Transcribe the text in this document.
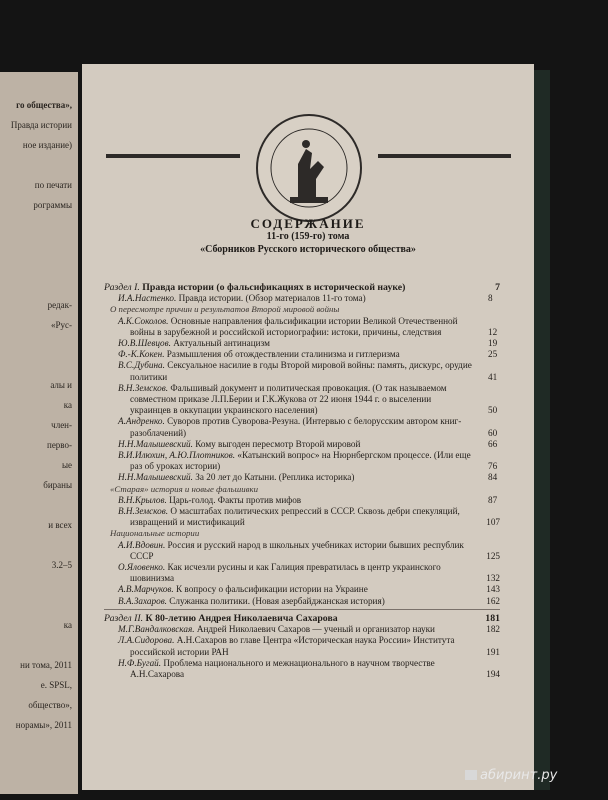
го общества»,
Правда истории
ное издание)
по печати
рограммы
редак-
«Рус-
алы и
ка
член-
перво-
ые
бираны
и всех
3.2–5
ка
ни тома, 2011
е. SPSL,
общество»,
норамы», 2011
СОДЕРЖАНИЕ
11-го (159-го) тома
«Сборников Русского исторического общества»
Раздел I. Правда истории (о фальсификациях в исторической науке)	7
И.А.Настенко. Правда истории. (Обзор материалов 11-го тома)	8
О пересмотре причин и результатов Второй мировой войны
А.К.Соколов. Основные направления фальсификации истории Великой Отечественной войны в зарубежной и российской историографии: истоки, причины, следствия	12
Ю.В.Шевцов. Актуальный антинацизм	19
Ф.-К.Кокен. Размышления об отождествлении сталинизма и гитлеризма	25
В.С.Дубина. Сексуальное насилие в годы Второй мировой войны: память, дискурс, орудие политики	41
В.Н.Земсков. Фальшивый документ и политическая провокация. (О так называемом совместном приказе Л.П.Берии и Г.К.Жукова от 22 июня 1944 г. о выселении украинцев в оккупации украинского населения)	50
А.Андренко. Суворов против Суворова-Резуна. (Интервью с белорусским автором книг-разоблачений)	60
Н.Н.Малышевский. Кому выгоден пересмотр Второй мировой	66
В.И.Илюхин, А.Ю.Плотников. «Катынский вопрос» на Нюрнбергском процессе. (Или еще раз об уроках истории)	76
Н.Н.Малышевский. За 20 лет до Катыни. (Реплика историка)	84
«Старая» история и новые фальшивки
В.Н.Крылов. Царь-голод. Факты против мифов	87
В.Н.Земсков. О масштабах политических репрессий в СССР. Сквозь дебри спекуляций, извращений и мистификаций	107
Национальные истории
А.И.Вдовин. Россия и русский народ в школьных учебниках истории бывших республик СССР	125
О.Яловенко. Как исчезли русины и как Галиция превратилась в центр украинского шовинизма	132
А.В.Марчуков. К вопросу о фальсификации истории на Украине	143
В.А.Захаров. Служанка политики. (Новая азербайджанская история)	162
Раздел II. К 80-летию Андрея Николаевича Сахарова	181
М.Г.Вандалковская. Андрей Николаевич Сахаров — ученый и организатор науки	182
Л.А.Сидорова. А.Н.Сахаров во главе Центра «Историческая наука России» Института российской истории РАН	191
Н.Ф.Бугай. Проблема национального и межнационального в научном творчестве А.Н.Сахарова	194
абиринт.ру
